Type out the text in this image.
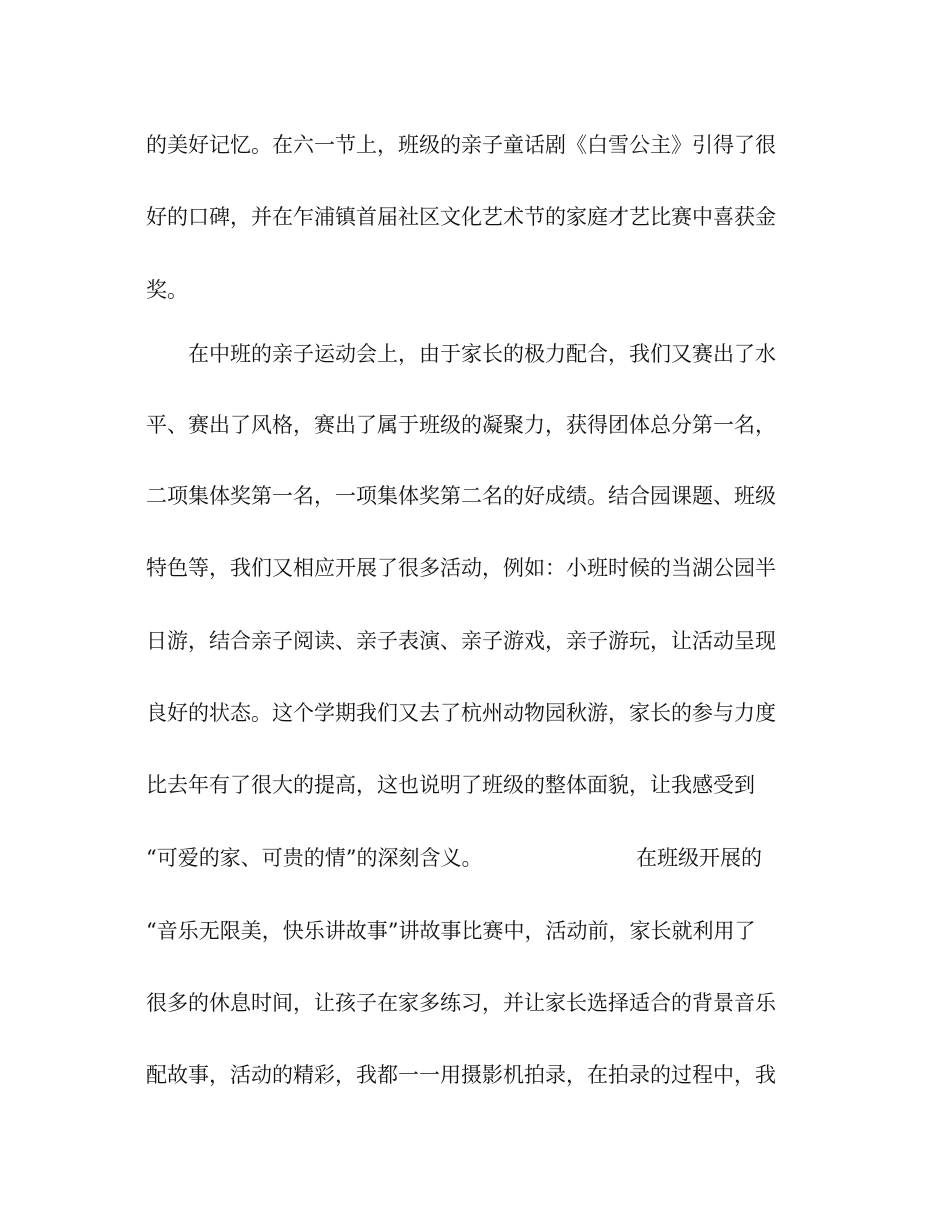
的美好记忆。在六一节上，班级的亲子童话剧《白雪公主》引得了很
好的口碑，并在乍浦镇首届社区文化艺术节的家庭才艺比赛中喜获金
奖。
在中班的亲子运动会上，由于家长的极力配合，我们又赛出了水
平、赛出了风格，赛出了属于班级的凝聚力，获得团体总分第一名，
二项集体奖第一名，一项集体奖第二名的好成绩。结合园课题、班级
特色等，我们又相应开展了很多活动，例如：小班时候的当湖公园半
日游，结合亲子阅读、亲子表演、亲子游戏，亲子游玩，让活动呈现
良好的状态。这个学期我们又去了杭州动物园秋游，家长的参与力度
比去年有了很大的提高，这也说明了班级的整体面貌，让我感受到
“可爱的家、可贵的情”的深刻含义。	在班级开展的
“音乐无限美，快乐讲故事”讲故事比赛中，活动前，家长就利用了
很多的休息时间，让孩子在家多练习，并让家长选择适合的背景音乐
配故事，活动的精彩，我都一一用摄影机拍录，在拍录的过程中，我
